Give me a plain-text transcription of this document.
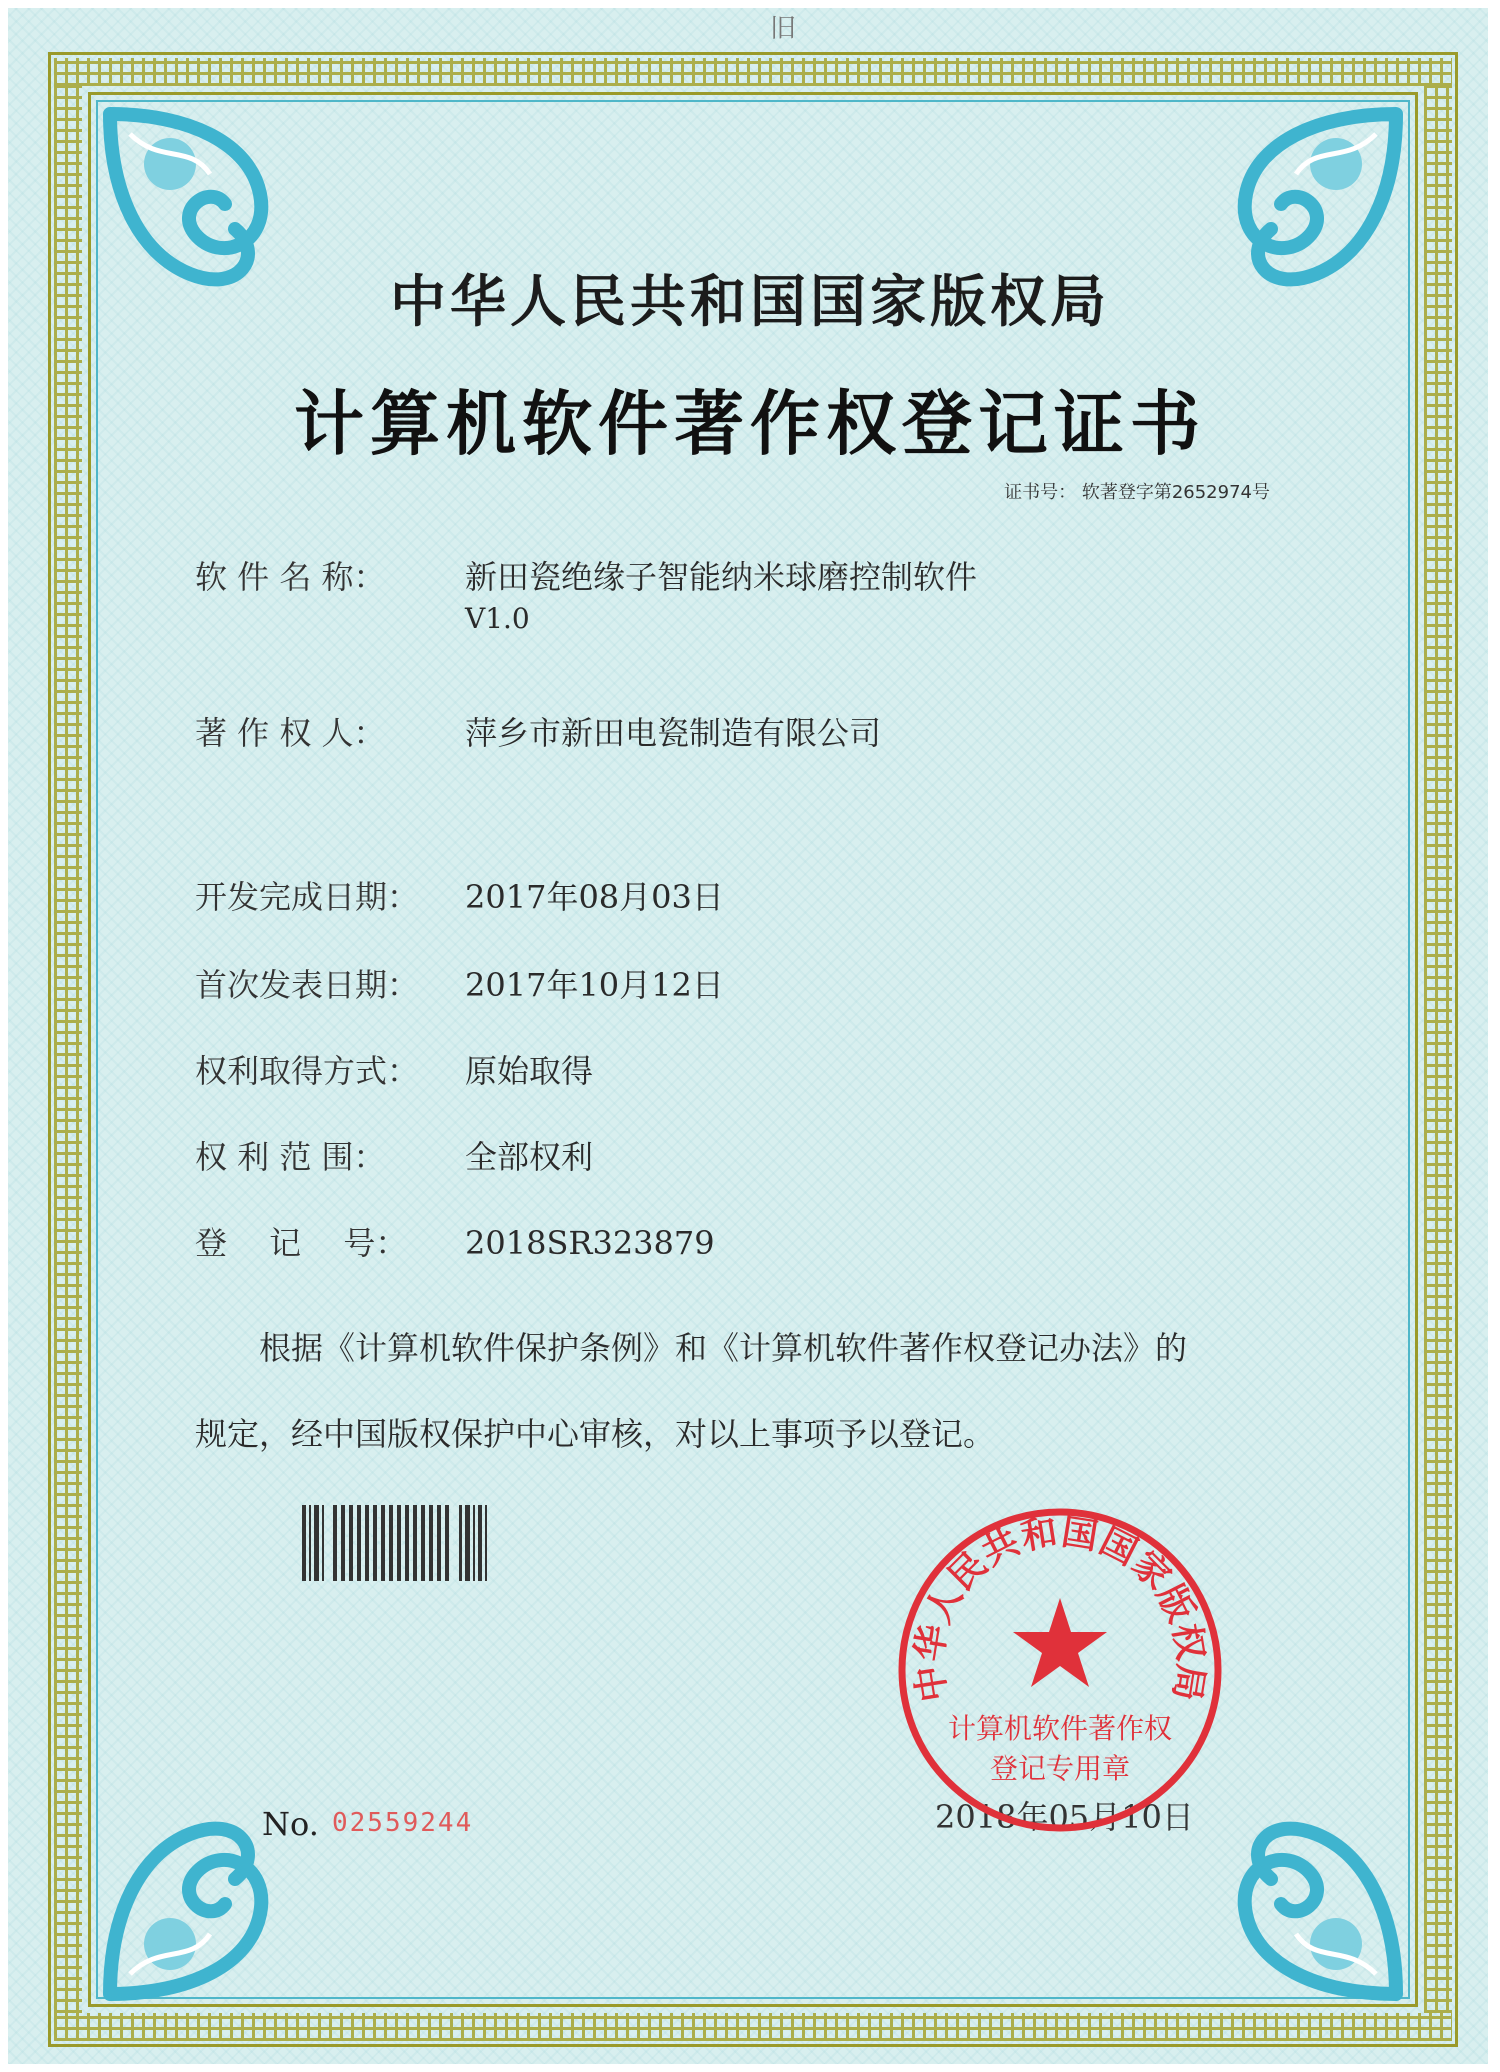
旧
中华人民共和国国家版权局
计算机软件著作权登记证书
证书号： 软著登字第2652974号
软 件 名 称： 新田瓷绝缘子智能纳米球磨控制软件
V1.0
著 作 权 人： 萍乡市新田电瓷制造有限公司
开发完成日期： 2017年08月03日
首次发表日期： 2017年10月12日
权利取得方式： 原始取得
权 利 范 围： 全部权利
登　 记　 号： 2018SR323879
根据《计算机软件保护条例》和《计算机软件著作权登记办法》的
规定，经中国版权保护中心审核，对以上事项予以登记。
No. 02559244	2018年05月10日
中华人民共和国国家版权局
计算机软件著作权
登记专用章
